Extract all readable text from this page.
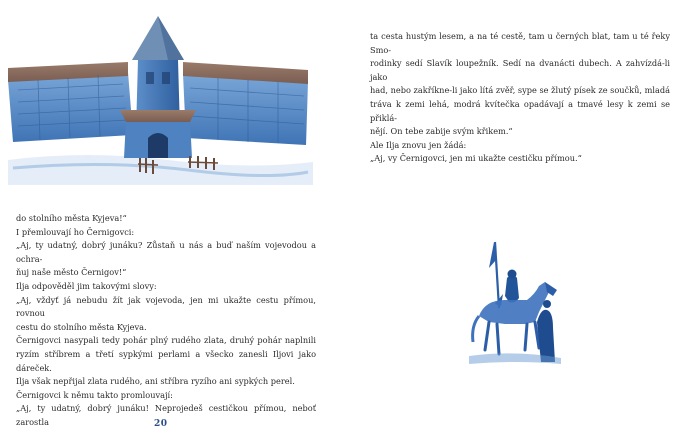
do stolního města Kyjeva!“

I přemlouvají ho Černigovci:

„Aj, ty udatný, dobrý junáku? Zůstaň u nás a buď naším vojevodou a ochra-

ňuj naše město Černigov!“

Ilja odpověděl jim takovými slovy:

„Aj, vždyť já nebudu žít jak vojevoda, jen mi ukažte cestu přímou, rovnou

cestu do stolního města Kyjeva.

Černigovci nasypali tedy pohár plný rudého zlata, druhý pohár naplnili

ryzím stříbrem a třetí sypkými perlami a všecko zanesli Iljovi jako dáreček.

Ilja však nepřijal zlata rudého, ani stříbra ryzího ani sypkých perel.

Černigovci k němu takto promlouvají:

„Aj, ty udatný, dobrý junáku! Neprojedeš cestičkou přímou, neboť zarostla

ta cesta hustým lesem, a na té cestě, tam u černých blat, tam u té řeky Smo-

rodinky sedí Slavík loupežník. Sedí na dvanácti dubech. A zahvízdá-li jako

had, nebo zakříkne-li jako lítá zvěř, sype se žlutý písek ze součků, mladá

tráva k zemi lehá, modrá kvítečka opadávají a tmavé lesy k zemi se přiklá-

nějí. On tebe zabije svým křikem.“

Ale Ilja znovu jen žádá:

„Aj, vy Černigovci, jen mi ukažte cestičku přímou.“

20
